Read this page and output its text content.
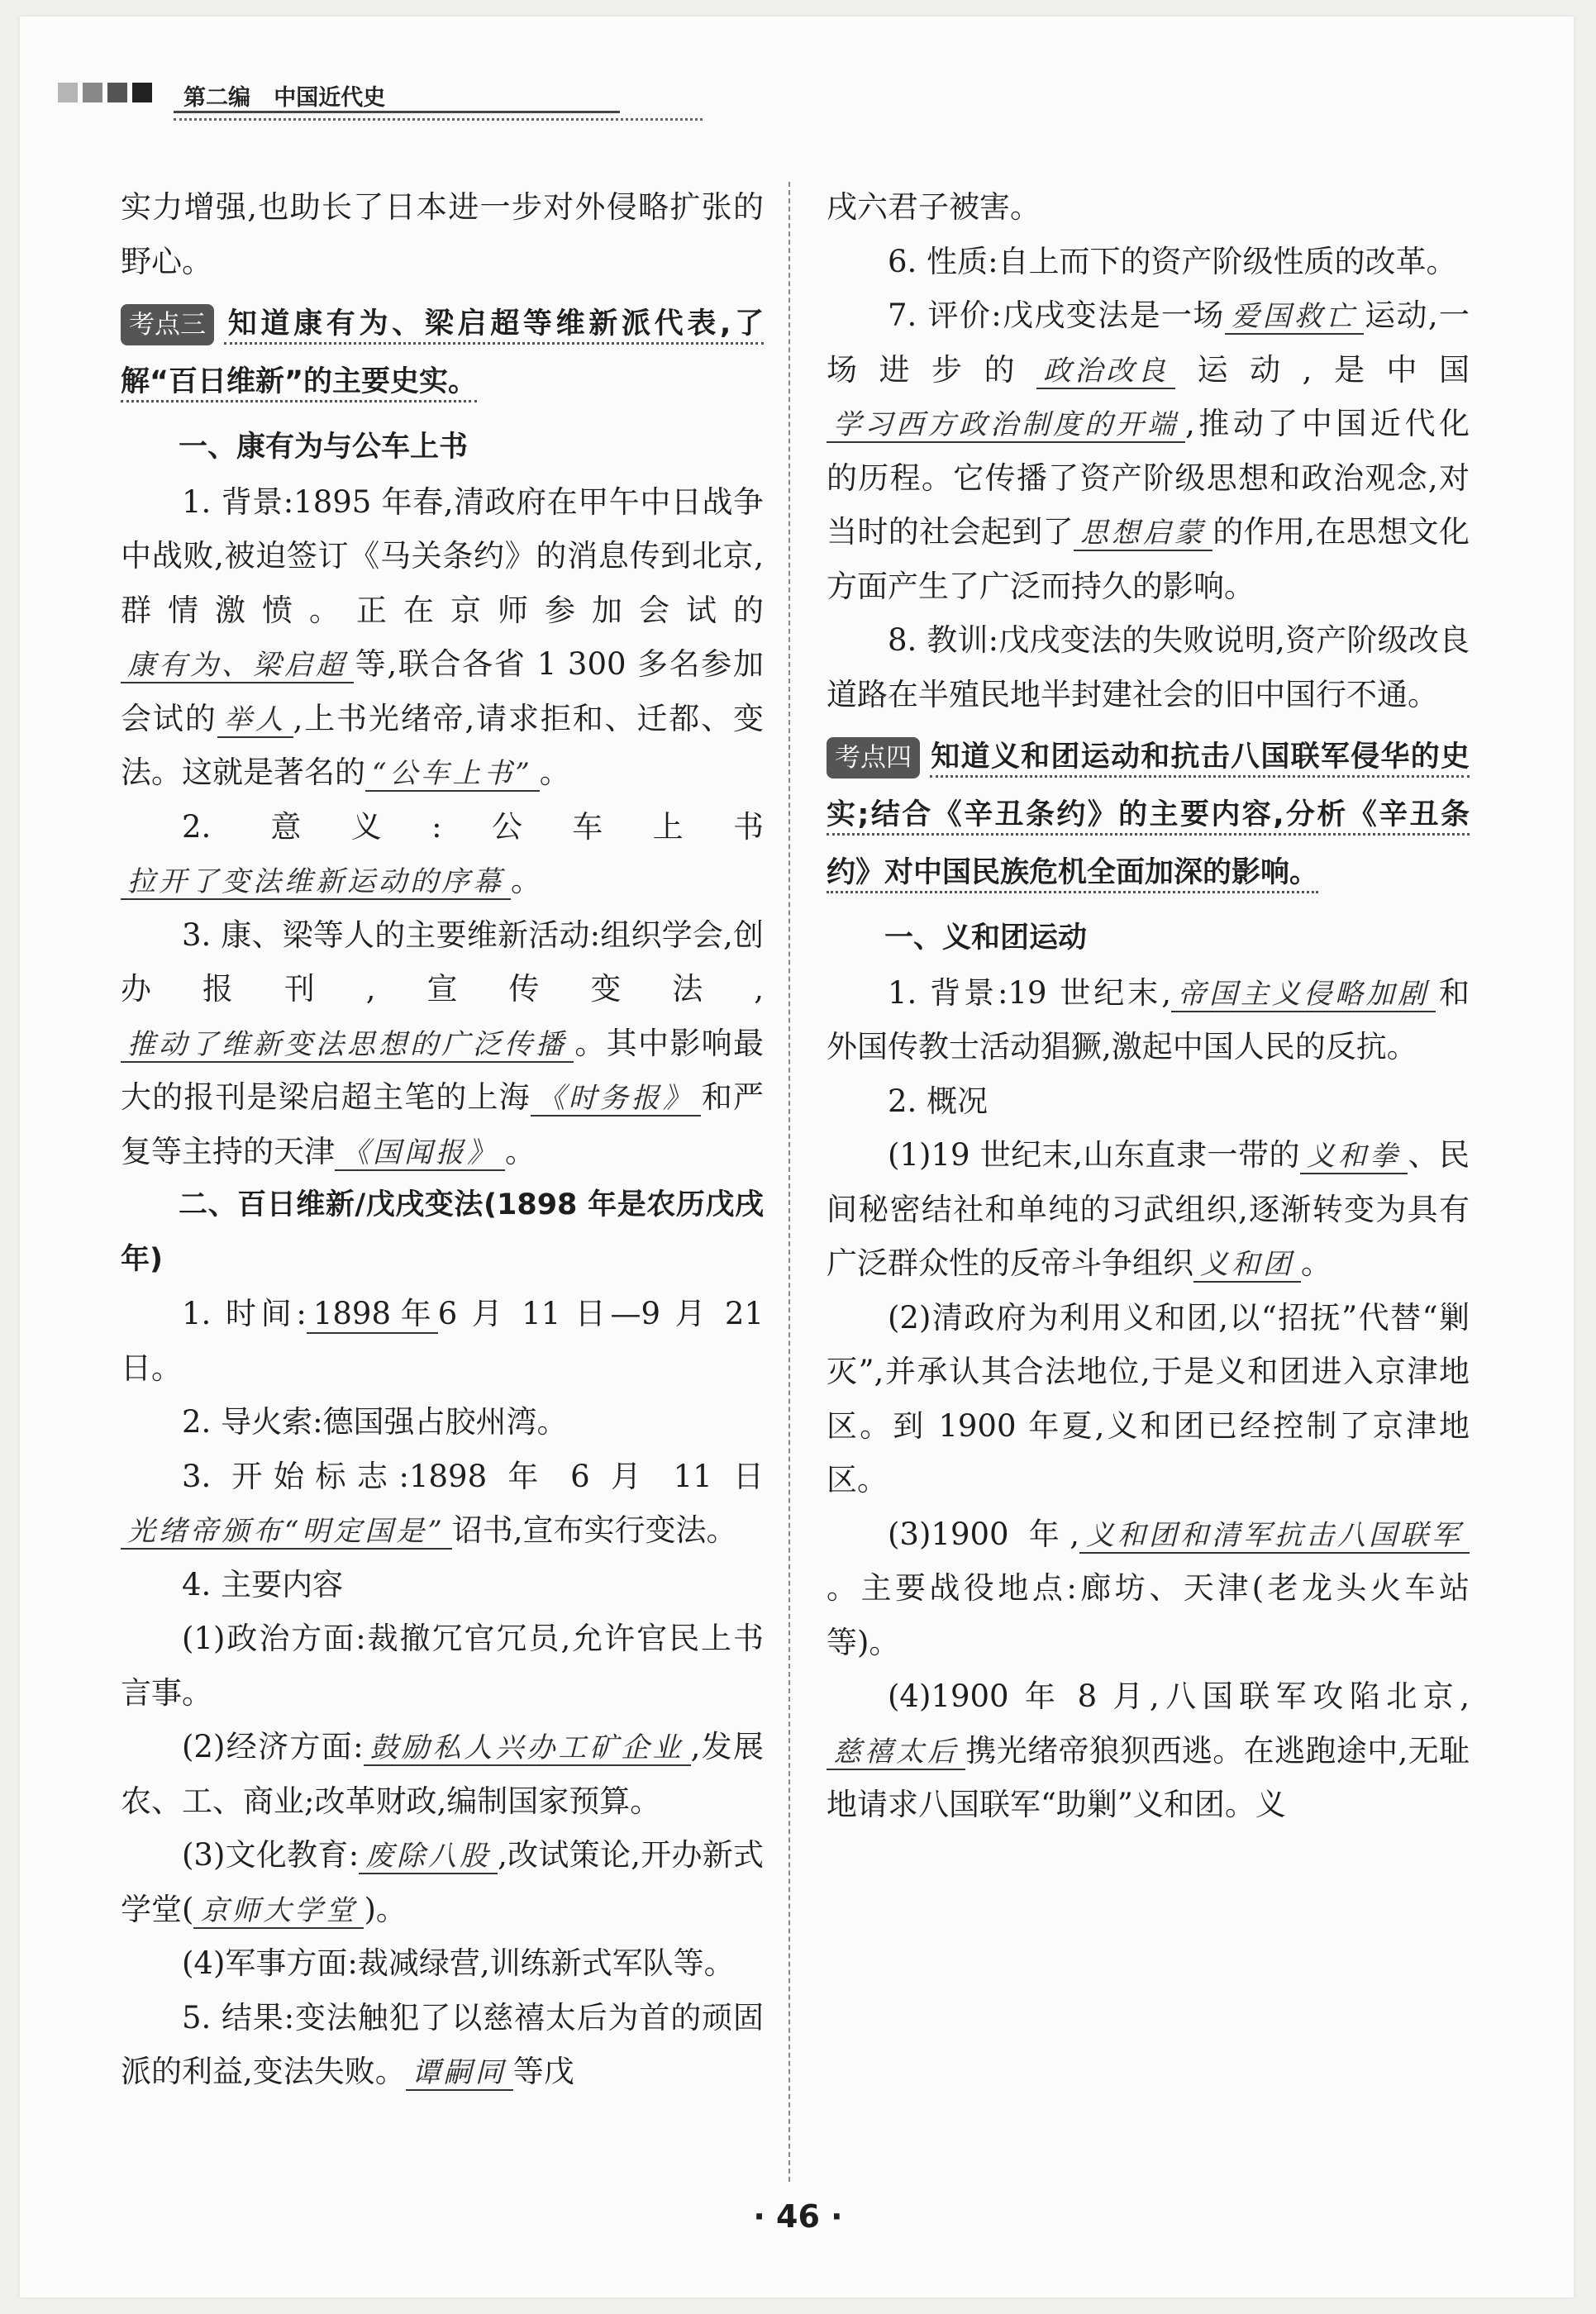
第二编 中国近代史

实力增强,也助长了日本进一步对外侵略扩张的野心。

考点三 知道康有为、梁启超等维新派代表,了解“百日维新”的主要史实。

一、康有为与公车上书

1. 背景:1895 年春,清政府在甲午中日战争中战败,被迫签订《马关条约》的消息传到北京,群情激愤。正在京师参加会试的康有为、梁启超 等,联合各省 1 300 多名参加会试的 举人 ,上书光绪帝,请求拒和、迁都、变法。这就是著名的 “公车上书” 。

2. 意义:公车上书拉开了变法维新运动的序幕 。

3. 康、梁等人的主要维新活动:组织学会,创办报刊,宣传变法,推动了维新变法思想的广泛传播 。其中影响最大的报刊是梁启超主笔的上海 《时务报》 和严复等主持的天津 《国闻报》 。

二、百日维新/戊戌变法(1898 年是农历戊戌年)

1. 时间: 1898 年 6 月 11 日—9 月 21 日。

2. 导火索:德国强占胶州湾。

3. 开始标志:1898 年 6 月 11 日光绪帝颁布“明定国是” 诏书,宣布实行变法。

4. 主要内容

(1)政治方面:裁撤冗官冗员,允许官民上书言事。

(2)经济方面: 鼓励私人兴办工矿企业 ,发展农、工、商业;改革财政,编制国家预算。

(3)文化教育: 废除八股 ,改试策论,开办新式学堂( 京师大学堂 )。

(4)军事方面:裁减绿营,训练新式军队等。

5. 结果:变法触犯了以慈禧太后为首的顽固派的利益,变法失败。 谭嗣同 等戊

戌六君子被害。

6. 性质:自上而下的资产阶级性质的改革。

7. 评价:戊戌变法是一场 爱国救亡 运动,一场进步的 政治改良 运动,是中国学习西方政治制度的开端 ,推动了中国近代化的历程。它传播了资产阶级思想和政治观念,对当时的社会起到了 思想启蒙 的作用,在思想文化方面产生了广泛而持久的影响。

8. 教训:戊戌变法的失败说明,资产阶级改良道路在半殖民地半封建社会的旧中国行不通。

考点四 知道义和团运动和抗击八国联军侵华的史实;结合《辛丑条约》的主要内容,分析《辛丑条约》对中国民族危机全面加深的影响。

一、义和团运动

1. 背景:19 世纪末, 帝国主义侵略加剧 和外国传教士活动猖獗,激起中国人民的反抗。

2. 概况

(1)19 世纪末,山东直隶一带的 义和拳 、民间秘密结社和单纯的习武组织,逐渐转变为具有广泛群众性的反帝斗争组织 义和团 。

(2)清政府为利用义和团,以“招抚”代替“剿灭”,并承认其合法地位,于是义和团进入京津地区。到 1900 年夏,义和团已经控制了京津地区。

(3)1900 年, 义和团和清军抗击八国联军。主要战役地点:廊坊、天津(老龙头火车站等)。

(4)1900 年 8 月,八国联军攻陷北京,慈禧太后 携光绪帝狼狈西逃。在逃跑途中,无耻地请求八国联军“助剿”义和团。义

· 46 ·
